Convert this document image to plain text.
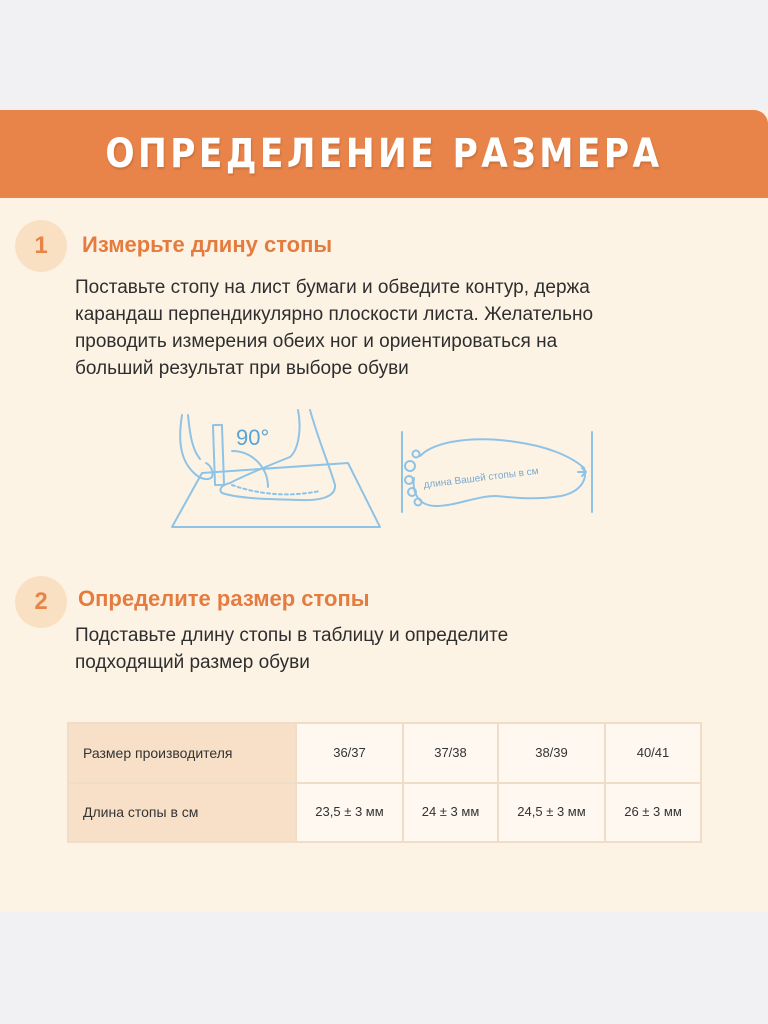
ОПРЕДЕЛЕНИЕ РАЗМЕРА
1	Измерьте длину стопы
Поставьте стопу на лист бумаги и обведите контур, держа
карандаш перпендикулярно плоскости листа. Желательно
проводить измерения обеих ног и ориентироваться на
больший результат при выборе обуви
90°
длина Вашей стопы в см
2	Определите размер стопы
Подставьте длину стопы в таблицу и определите
подходящий размер обуви
Размер производителя	36/37	37/38	38/39	40/41
Длина стопы в см	23,5 ± 3 мм	24 ± 3 мм	24,5 ± 3 мм	26 ± 3 мм
